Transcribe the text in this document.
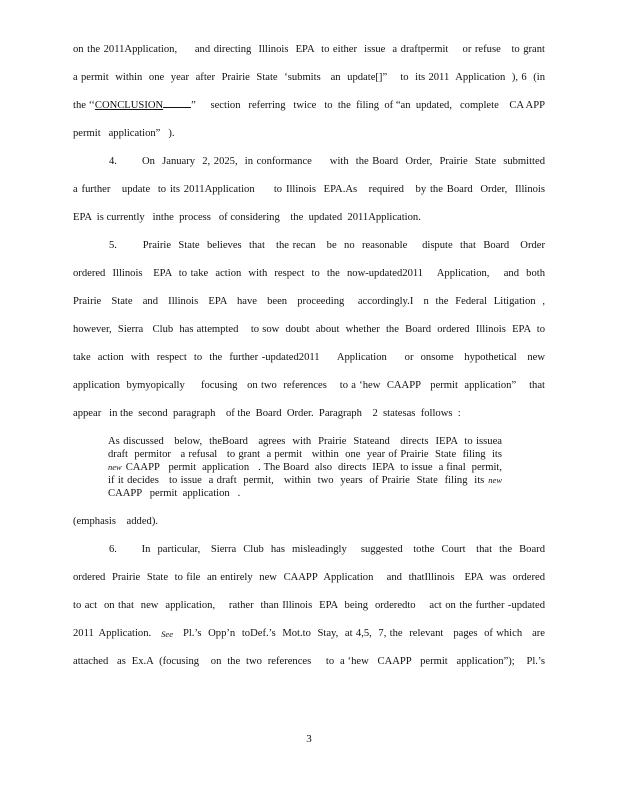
on the 2011Application,     and directing  Illinois  EPA  to either  issue  a draftpermit    or refuse   to grant
a permit  within  one  year  after  Prairie  State  ‘submits   an  update[]”    to  its 2011  Application  ), 6  (in
the ‘‘CONCLUSION	” section   referring   twice   to  the  filing  of “an  updated,   complete    CA APP
permit   application”   ).
4.       On  January  2, 2025,  in conformance     with  the Board  Order,  Prairie  State  submitted
a further   update  to its 2011Application     to Illinois  EPA.As   required   by the Board  Order,  Illinois
EPA  is currently   inthe  process   of considering    the  updated  2011Application.
5.       Prairie  State  believes  that   the recan   be  no  reasonable    dispute  that  Board   Order
ordered  Illinois   EPA  to take  action  with  respect  to  the  now-updated2011    Application,    and  both
Prairie   State   and   Illinois   EPA   have   been   proceeding    accordingly.I   n  the  Federal  Litigation  ,
however,  Sierra   Club  has attempted    to sow  doubt  about  whether  the  Board  ordered  Illinois  EPA  to
take  action  with  respect  to  the  further -updated2011     Application     or  onsome   hypothetical   new
application  bymyopically     focusing   on two  references    to a ‘hew  CAAPP   permit  application”    that
appear   in the  second  paragraph    of the  Board  Order.  Paragraph    2  statesas  follows  :
As discussed   below,  theBoard   agrees  with  Prairie  Stateand   directs  IEPA  to issuea
draft  permitor   a refusal   to grant  a permit   within  one  year of Prairie  State  filing  its
new CAAPP   permit  application   . The Board  also  directs  IEPA  to issue  a final  permit,
if it decides   to issue  a draft  permit,   within  two  years  of Prairie  State  filing  its new
CAAPP   permit  application   .
(emphasis    added).
6.       In  particular,   Sierra  Club  has  misleadingly    suggested   tothe  Court   that  the  Board
ordered  Prairie  State  to file  an entirely  new  CAAPP  Application    and  thatIllinois   EPA  was  ordered
to act  on that  new  application,    rather  than Illinois  EPA  being  orderedto    act on the further -updated
2011  Application. See Pl.’s  Opp’n  toDef.’s  Mot.to  Stay,  at 4,5,  7, the  relevant   pages  of which   are
attached   as  Ex.A  (focusing    on  the  two  references     to  a ‘hew   CAAPP   permit   application”);    Pl.’s
3
